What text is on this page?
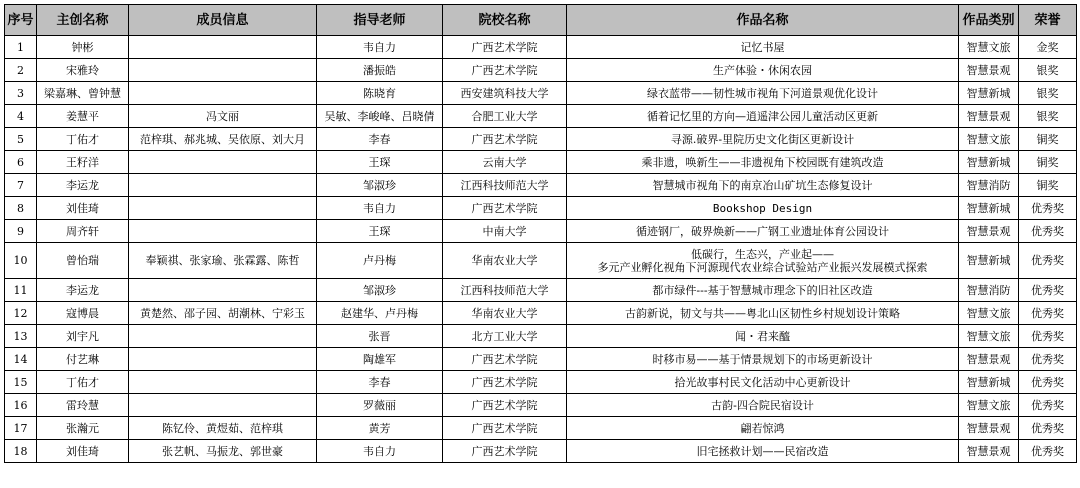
序号	主创名称	成员信息	指导老师	院校名称	作品名称	作品类别	荣誉
1	钟彬		韦自力	广西艺术学院	记忆书屋	智慧文旅	金奖
2	宋雅玲		潘振皓	广西艺术学院	生产体验・休闲农园	智慧景观	银奖
3	梁嘉琳、曾钟慧		陈晓育	西安建筑科技大学	绿衣蓝带——韧性城市视角下河道景观优化设计	智慧新城	银奖
4	姜慧平	冯文丽	吴敏、李峻峰、吕晓倩	合肥工业大学	循着记忆里的方向—逍遥津公园儿童活动区更新	智慧景观	银奖
5	丁佑才	范梓琪、郝兆城、吴依原、刘大月	李春	广西艺术学院	寻源.破界-里院历史文化街区更新设计	智慧文旅	铜奖
6	王籽洋		王琛	云南大学	乘非遗，唤新生——非遗视角下校园既有建筑改造	智慧新城	铜奖
7	李运龙		邹淑珍	江西科技师范大学	智慧城市视角下的南京冶山矿坑生态修复设计	智慧消防	铜奖
8	刘佳琦		韦自力	广西艺术学院	Bookshop Design	智慧新城	优秀奖
9	周齐轩		王琛	中南大学	循迹钢厂，破界焕新——广钢工业遗址体育公园设计	智慧景观	优秀奖
10	曾怡瑞	奉颖祺、张家瑜、张霖露、陈哲	卢丹梅	华南农业大学	低碳行，生态兴，产业起——
多元产业孵化视角下河源现代农业综合试验站产业振兴发展模式探索	智慧新城	优秀奖
11	李运龙		邹淑珍	江西科技师范大学	都市绿件---基于智慧城市理念下的旧社区改造	智慧消防	优秀奖
12	寇博晨	黄楚然、邵子园、胡潮林、宁彩玉	赵建华、卢丹梅	华南农业大学	古韵新说，韧文与共——粤北山区韧性乡村规划设计策略	智慧文旅	优秀奖
13	刘宇凡		张晋	北方工业大学	闻・君来醯	智慧文旅	优秀奖
14	付艺琳		陶雄军	广西艺术学院	时移市易——基于情景规划下的市场更新设计	智慧景观	优秀奖
15	丁佑才		李春	广西艺术学院	拾光故事村民文化活动中心更新设计	智慧新城	优秀奖
16	雷玲慧		罗薇丽	广西艺术学院	古韵-四合院民宿设计	智慧文旅	优秀奖
17	张瀚元	陈钇伶、黄煜茹、范梓琪	黄芳	广西艺术学院	翩若惊鸿	智慧景观	优秀奖
18	刘佳琦	张艺帆、马振龙、郭世豪	韦自力	广西艺术学院	旧宅拯救计划——民宿改造	智慧景观	优秀奖
